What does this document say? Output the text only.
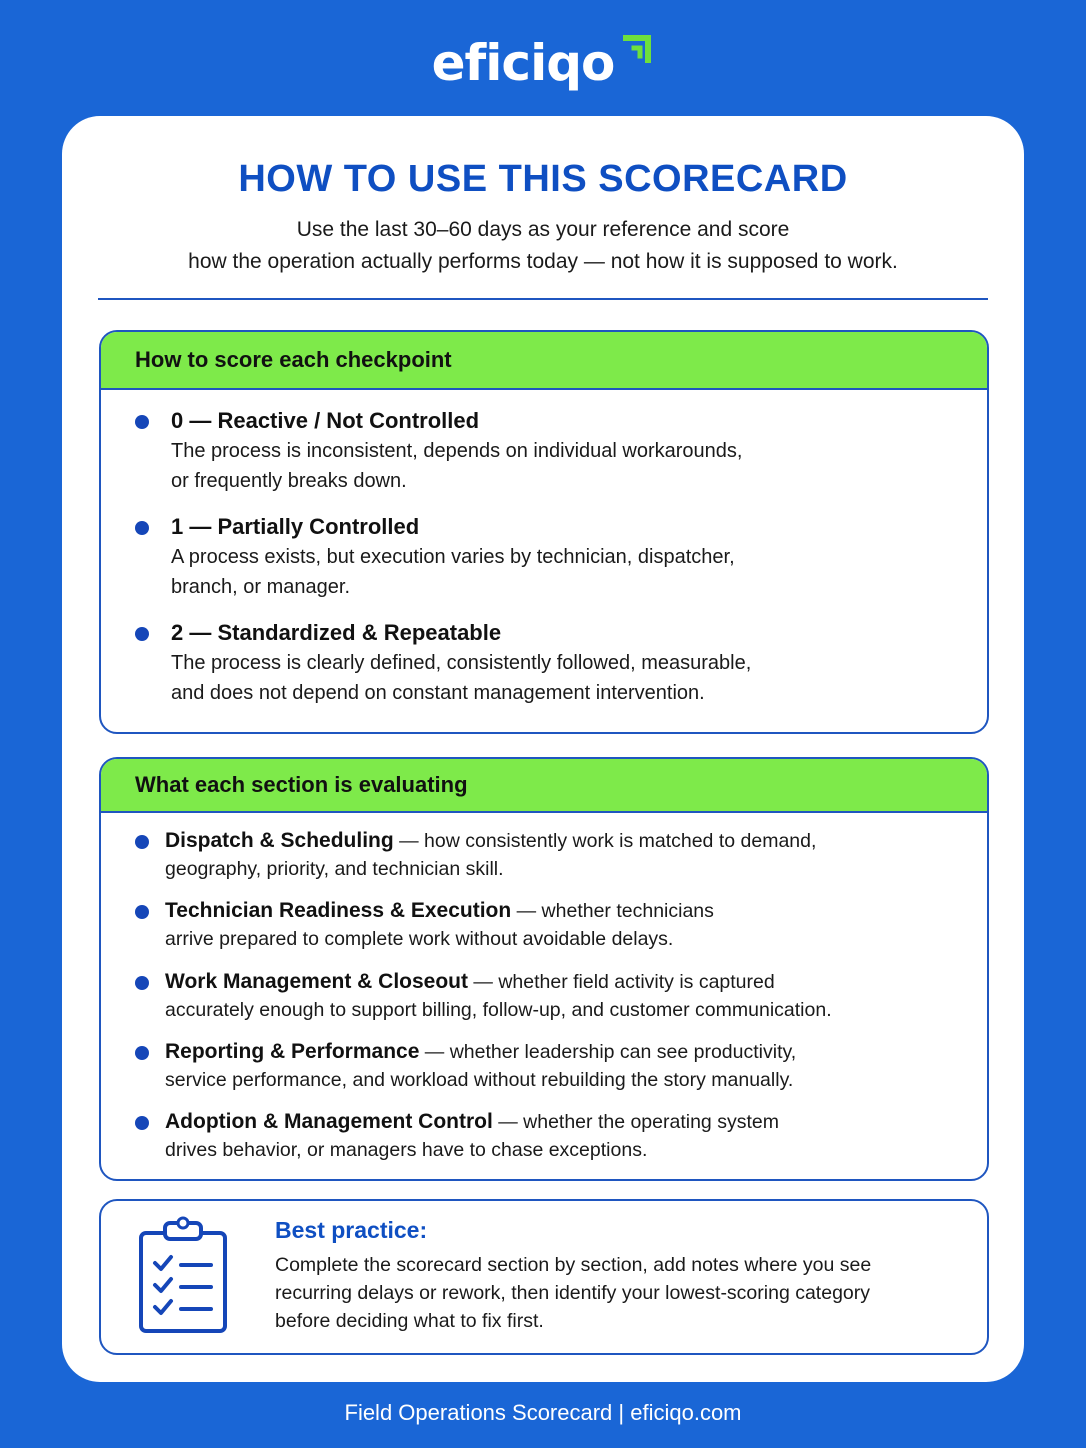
eficiqo
HOW TO USE THIS SCORECARD
Use the last 30–60 days as your reference and score
how the operation actually performs today — not how it is supposed to work.
How to score each checkpoint
0 — Reactive / Not Controlled
The process is inconsistent, depends on individual workarounds,
or frequently breaks down.
1 — Partially Controlled
A process exists, but execution varies by technician, dispatcher,
branch, or manager.
2 — Standardized & Repeatable
The process is clearly defined, consistently followed, measurable,
and does not depend on constant management intervention.
What each section is evaluating
Dispatch & Scheduling — how consistently work is matched to demand,
geography, priority, and technician skill.
Technician Readiness & Execution — whether technicians
arrive prepared to complete work without avoidable delays.
Work Management & Closeout — whether field activity is captured
accurately enough to support billing, follow-up, and customer communication.
Reporting & Performance — whether leadership can see productivity,
service performance, and workload without rebuilding the story manually.
Adoption & Management Control — whether the operating system
drives behavior, or managers have to chase exceptions.
Best practice:
Complete the scorecard section by section, add notes where you see
recurring delays or rework, then identify your lowest-scoring category
before deciding what to fix first.
Field Operations Scorecard | eficiqo.com
